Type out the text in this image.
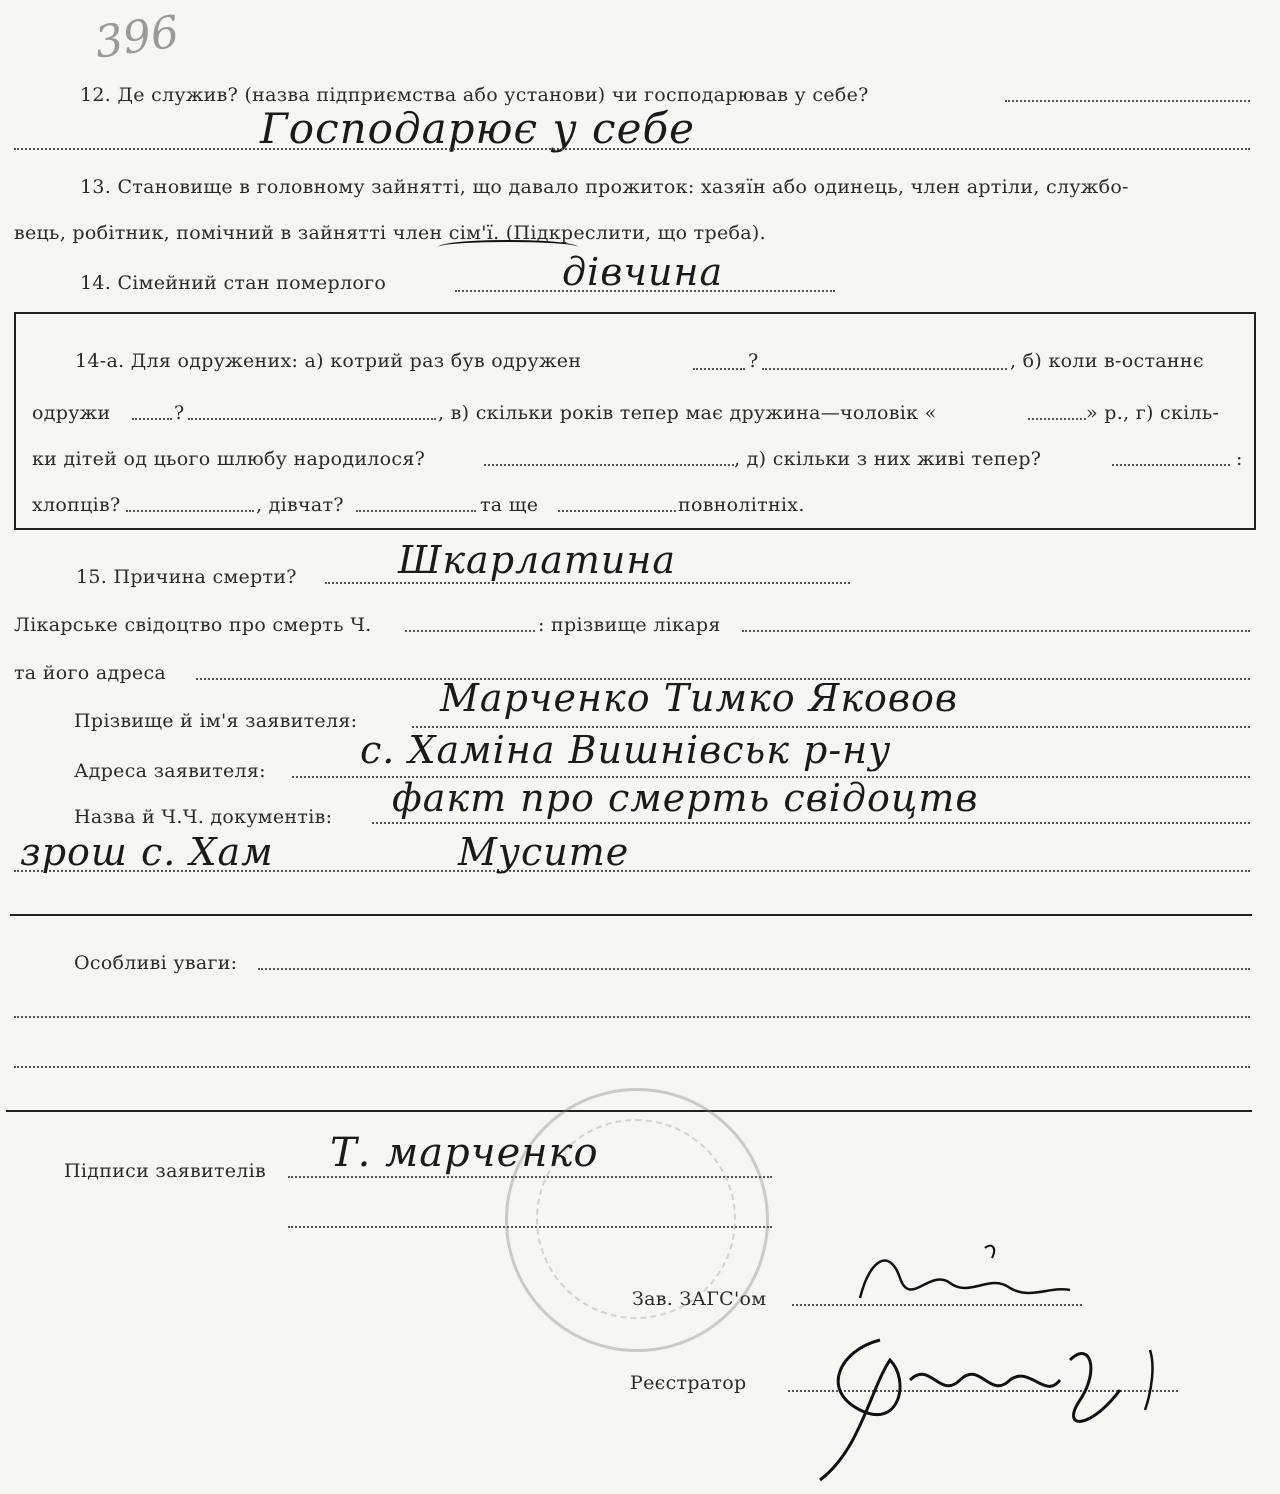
396
12. Де служив? (назва підприємства або установи) чи господарював у себе?
Господарює у себе
13. Становище в головному зайнятті, що давало прожиток: хазяїн або одинець, член артіли, службо-
вець, робітник, помічний в зайнятті член сім'ї. (Підкреслити, що треба).
14. Сімейний стан померлого	дівчина
14-а. Для одружених: а) котрий раз був одружен	?	, б) коли в-останнє
одружи	?	, в) скільки років тепер має дружина—чоловік «	» р., г) скіль-
ки дітей од цього шлюбу народилося?	, д) скільки з них живі тепер?	:
хлопців?	, дівчат?	та ще	повнолітніх.
15. Причина смерти?	Шкарлатина
Лікарське свідоцтво про смерть Ч.	: прізвище лікаря
та його адреса
Прізвище й ім'я заявителя:
Марченко Тимко Яковов
Адреса заявителя: с. Хаміна Вишнівськ р-ну
Назва й Ч.Ч. документів: факт про смерть свідоцтв
зрош с. Хам	Мусите
Особливі уваги:
Підписи заявителів Т. марченко
Зав. ЗАГС'ом
Реєстратор
